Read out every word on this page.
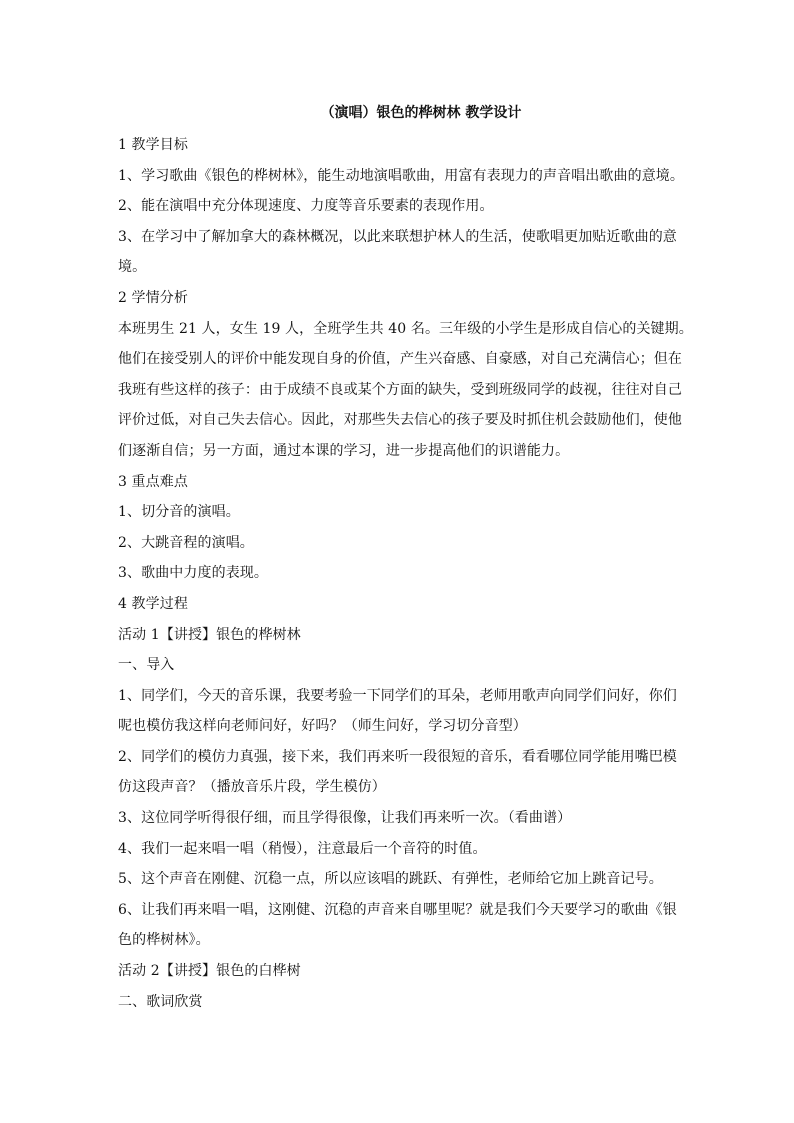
（演唱）银色的桦树林 教学设计
1 教学目标
1、学习歌曲《银色的桦树林》，能生动地演唱歌曲，用富有表现力的声音唱出歌曲的意境。
2、能在演唱中充分体现速度、力度等音乐要素的表现作用。
3、在学习中了解加拿大的森林概况，以此来联想护林人的生活，使歌唱更加贴近歌曲的意
境。
2 学情分析
本班男生 21 人，女生 19 人，全班学生共 40 名。三年级的小学生是形成自信心的关键期。
他们在接受别人的评价中能发现自身的价值，产生兴奋感、自豪感，对自己充满信心；但在
我班有些这样的孩子：由于成绩不良或某个方面的缺失，受到班级同学的歧视，往往对自己
评价过低，对自己失去信心。因此，对那些失去信心的孩子要及时抓住机会鼓励他们，使他
们逐渐自信；另一方面，通过本课的学习，进一步提高他们的识谱能力。
3 重点难点
1、切分音的演唱。
2、大跳音程的演唱。
3、歌曲中力度的表现。
4 教学过程
活动 1【讲授】银色的桦树林
一、导入
1、同学们，今天的音乐课，我要考验一下同学们的耳朵，老师用歌声向同学们问好，你们
呢也模仿我这样向老师问好，好吗？（师生问好，学习切分音型）
2、同学们的模仿力真强，接下来，我们再来听一段很短的音乐，看看哪位同学能用嘴巴模
仿这段声音？（播放音乐片段，学生模仿）
3、这位同学听得很仔细，而且学得很像，让我们再来听一次。（看曲谱）
4、我们一起来唱一唱（稍慢），注意最后一个音符的时值。
5、这个声音在刚健、沉稳一点，所以应该唱的跳跃、有弹性，老师给它加上跳音记号。
6、让我们再来唱一唱，这刚健、沉稳的声音来自哪里呢？就是我们今天要学习的歌曲《银
色的桦树林》。
活动 2【讲授】银色的白桦树
二、歌词欣赏
